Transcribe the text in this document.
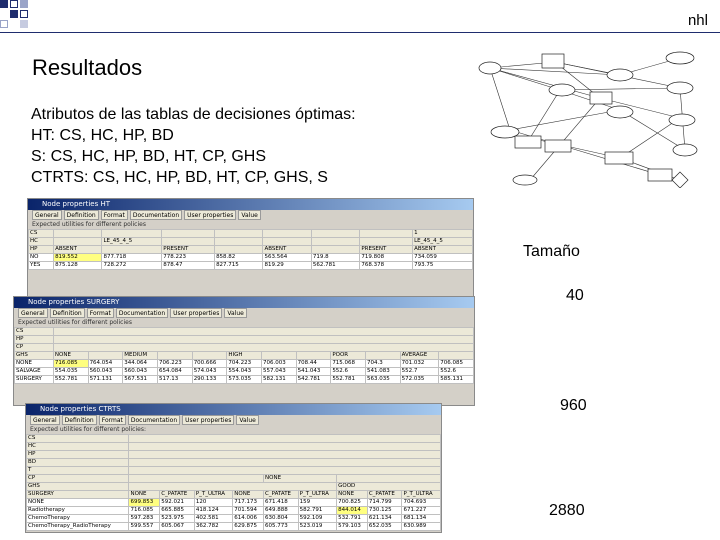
nhl
Resultados
Atributos de las tablas de decisiones óptimas:
HT: CS, HC, HP, BD
S: CS, HC, HP, BD, HT, CP, GHS
CTRTS: CS, HC, HP, BD, HT, CP, GHS, S
Tamaño
40
960
2880
Node properties HT
General	Definition	Format	Documentation	User properties	Value
Expected utilities for different policies
CS								1
HC		LE_45_4_5						LE_45_4_5
HP	ABSENT		PRESENT		ABSENT		PRESENT	ABSENT
NO	819.552	877.718	778.223	858.82	563.564	719.8	719.808	734.059
YES	875.128	728.272	878.47	827.715	819.29	562.781	768.378	793.75
Node properties SURGERY
General	Definition	Format	Documentation	User properties	Value
Expected utilities for different policies
CS												
HP												
CP												
GHS	NONE		MEDIUM			HIGH			POOR		AVERAGE	
NONE	716.085	764.054	344.064	706.223	700.666	704.223	706.003	708.44	715.068	704.3	701.032	706.085
SALVAGE	554.035	560.043	560.043	654.084	574.043	554.043	557.043	541.043	552.6	541.083	552.7	552.6
SURGERY	552.781	571.131	567.531	517.13	290.133	573.035	582.131	542.781	552.781	563.035	572.035	585.131
Node properties CTRTS
General	Definition	Format	Documentation	User properties	Value
Expected utilities for different policies:
CS									
HC									
HP									
BD									
T									
CP					NONE				
GHS							GOOD		
SURGERY	NONE	C_PATATE	P_T_ULTRA	NONE	C_PATATE	P_T_ULTRA	NONE	C_PATATE	P_T_ULTRA
NONE	699.853	592.021	120	717.173	671.418	159	700.825	714.799	704.693
Radiotherapy	716.085	665.885	418.124	701.594	649.888	582.791	844.014	730.125	671.227
ChemoTherapy	597.283	523.975	402.581	614.006	630.804	592.109	532.791	621.134	681.134
ChemoTherapy_RadioTherapy	599.557	605.067	362.782	629.875	605.773	523.019	579.103	652.035	630.989
